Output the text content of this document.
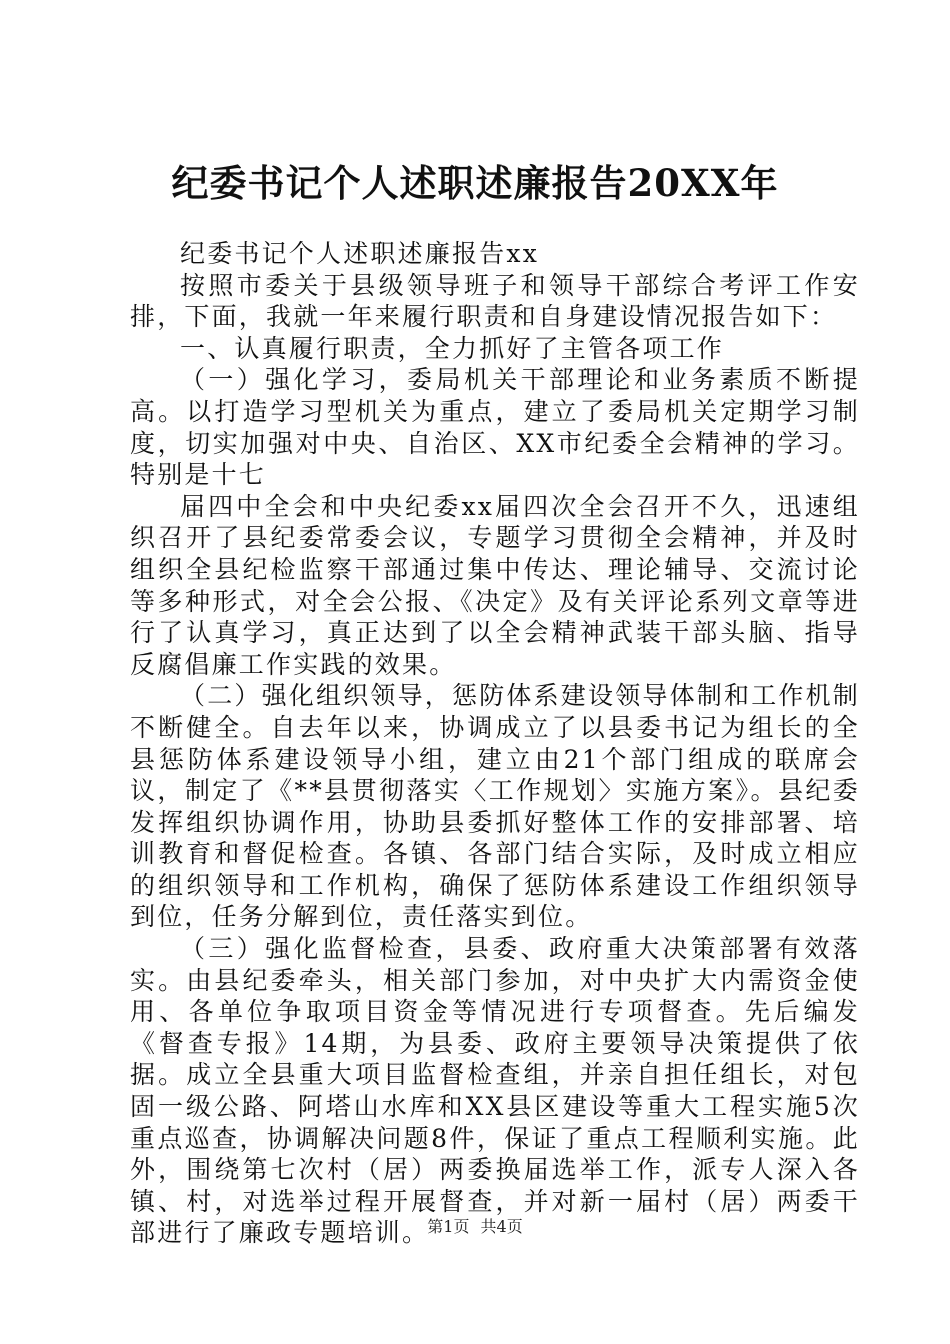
纪委书记个人述职述廉报告20XX年

纪委书记个人述职述廉报告xx

按照市委关于县级领导班子和领导干部综合考评工作安排，下面，我就一年来履行职责和自身建设情况报告如下：

一、认真履行职责，全力抓好了主管各项工作

（一）强化学习，委局机关干部理论和业务素质不断提高。以打造学习型机关为重点，建立了委局机关定期学习制度，切实加强对中央、自治区、XX市纪委全会精神的学习。特别是十七

届四中全会和中央纪委xx届四次全会召开不久，迅速组织召开了县纪委常委会议，专题学习贯彻全会精神，并及时组织全县纪检监察干部通过集中传达、理论辅导、交流讨论等多种形式，对全会公报、《决定》及有关评论系列文章等进行了认真学习，真正达到了以全会精神武装干部头脑、指导反腐倡廉工作实践的效果。

（二）强化组织领导，惩防体系建设领导体制和工作机制不断健全。自去年以来，协调成立了以县委书记为组长的全县惩防体系建设领导小组，建立由21个部门组成的联席会议，制定了《**县贯彻落实〈工作规划〉实施方案》。县纪委发挥组织协调作用，协助县委抓好整体工作的安排部署、培训教育和督促检查。各镇、各部门结合实际，及时成立相应的组织领导和工作机构，确保了惩防体系建设工作组织领导到位，任务分解到位，责任落实到位。

（三）强化监督检查，县委、政府重大决策部署有效落实。由县纪委牵头，相关部门参加，对中央扩大内需资金使用、各单位争取项目资金等情况进行专项督查。先后编发《督查专报》14期，为县委、政府主要领导决策提供了依据。成立全县重大项目监督检查组，并亲自担任组长，对包固一级公路、阿塔山水库和XX县区建设等重大工程实施5次重点巡查，协调解决问题8件，保证了重点工程顺利实施。此外，围绕第七次村（居）两委换届选举工作，派专人深入各镇、村，对选举过程开展督查，并对新一届村（居）两委干部进行了廉政专题培训。

第1页 共4页
